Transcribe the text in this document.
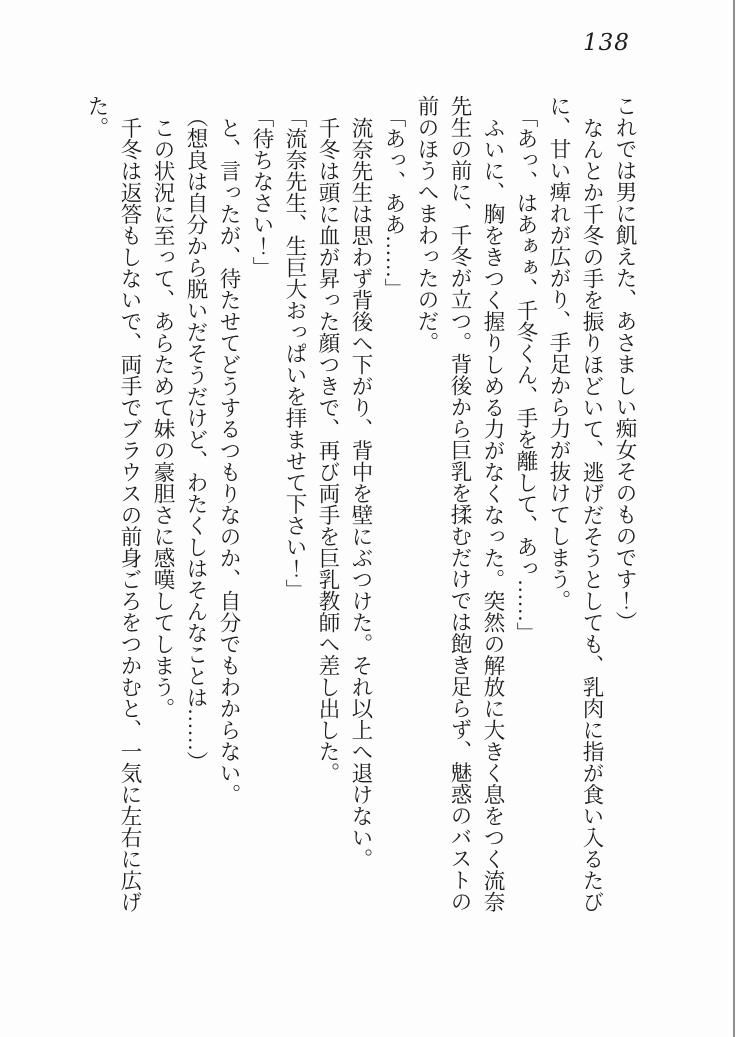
138

これでは男に飢えた、あさましい痴女そのものです！）

なんとか千冬の手を振りほどいて、逃げだそうとしても、乳肉に指が食い入るたびに、甘い痺れが広がり、手足から力が抜けてしまう。

「あっ、はあぁぁ、千冬くん、手を離して、あっ……」

ふいに、胸をきつく握りしめる力がなくなった。突然の解放に大きく息をつく流奈先生の前に、千冬が立つ。背後から巨乳を揉むだけでは飽き足らず、魅惑のバストの前のほうへまわったのだ。

「あっ、ああ……」

流奈先生は思わず背後へ下がり、背中を壁にぶつけた。それ以上へ退けない。

千冬は頭に血が昇った顔つきで、再び両手を巨乳教師へ差し出した。

「流奈先生、生巨大おっぱいを拝ませて下さい！」

「待ちなさい！」

と、言ったが、待たせてどうするつもりなのか、自分でもわからない。

（想良は自分から脱いだそうだけど、わたくしはそんなことは……）

この状況に至って、あらためて妹の豪胆さに感嘆してしまう。

千冬は返答もしないで、両手でブラウスの前身ごろをつかむと、一気に左右に広げた。
